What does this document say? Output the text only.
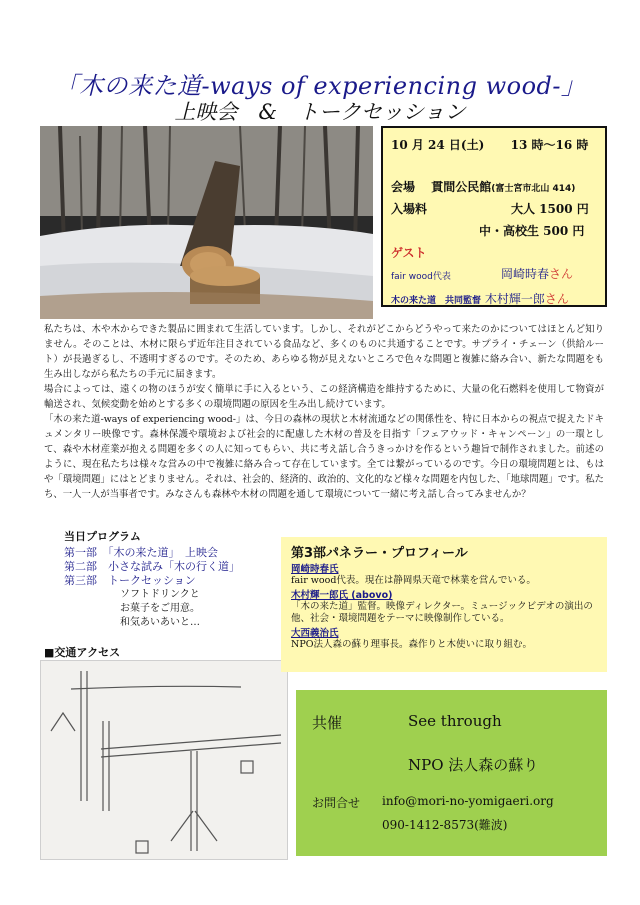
「木の来た道-ways of experiencing wood-」
上映会　&　トークセッション
10 月 24 日(土) 13 時〜16 時
会場　 貫間公民館(富士宮市北山 414)
入場料	大人 1500 円
中・高校生 500 円
ゲスト
fair wood代表	岡崎時春さん
木の来た道　共同監督 木村輝一郎さん

私たちは、木や木からできた製品に囲まれて生活しています。しかし、それがどこからどうやって来たのかについてはほとんど知りません。そのことは、木材に限らず近年注目されている食品など、多くのものに共通することです。サプライ・チェーン（供給ルート）が長過ぎるし、不透明すぎるのです。そのため、あらゆる物が見えないところで色々な問題と複雑に絡み合い、新たな問題をも生み出しながら私たちの手元に届きます。

場合によっては、遠くの物のほうが安く簡単に手に入るという、この経済構造を維持するために、大量の化石燃料を使用して物資が輸送され、気候変動を始めとする多くの環境問題の原因を生み出し続けています。

「木の来た道-ways of experiencing wood-」は、今日の森林の現状と木材流通などの関係性を、特に日本からの視点で捉えたドキュメンタリー映像です。森林保護や環境および社会的に配慮した木材の普及を目指す「フェアウッド・キャンペーン」の一環として、森や木材産業が抱える問題を多くの人に知ってもらい、共に考え話し合うきっかけを作るという趣旨で制作されました。前述のように、現在私たちは様々な営みの中で複雑に絡み合って存在しています。全ては繋がっているのです。今日の環境問題とは、もはや「環境問題」にはとどまりません。それは、社会的、経済的、政治的、文化的など様々な問題を内包した、「地球問題」です。私たち、一人一人が当事者です。みなさんも森林や木材の問題を通して環境について一緒に考え話し合ってみませんか？

当日プログラム
第一部　「木の来た道」　上映会
第二部　小さな試み「木の行く道」
第三部　トークセッション
ソフトドリンクと
お菓子をご用意。
和気あいあいと…
■交通アクセス
第3部パネラー・プロフィール
岡崎時春氏
fair wood代表。現在は静岡県天竜で林業を営んでいる。
木村輝一郎氏 (abovo)
「木の来た道」監督。映像ディレクター。ミュージックビデオの演出の他、社会・環境問題をテーマに映像制作している。
大西義治氏
NPO法人森の蘇り理事長。森作りと木使いに取り組む。
共催	See through
NPO 法人森の蘇り
お問合せ info@mori-no-yomigaeri.org
090-1412-8573(難波)
